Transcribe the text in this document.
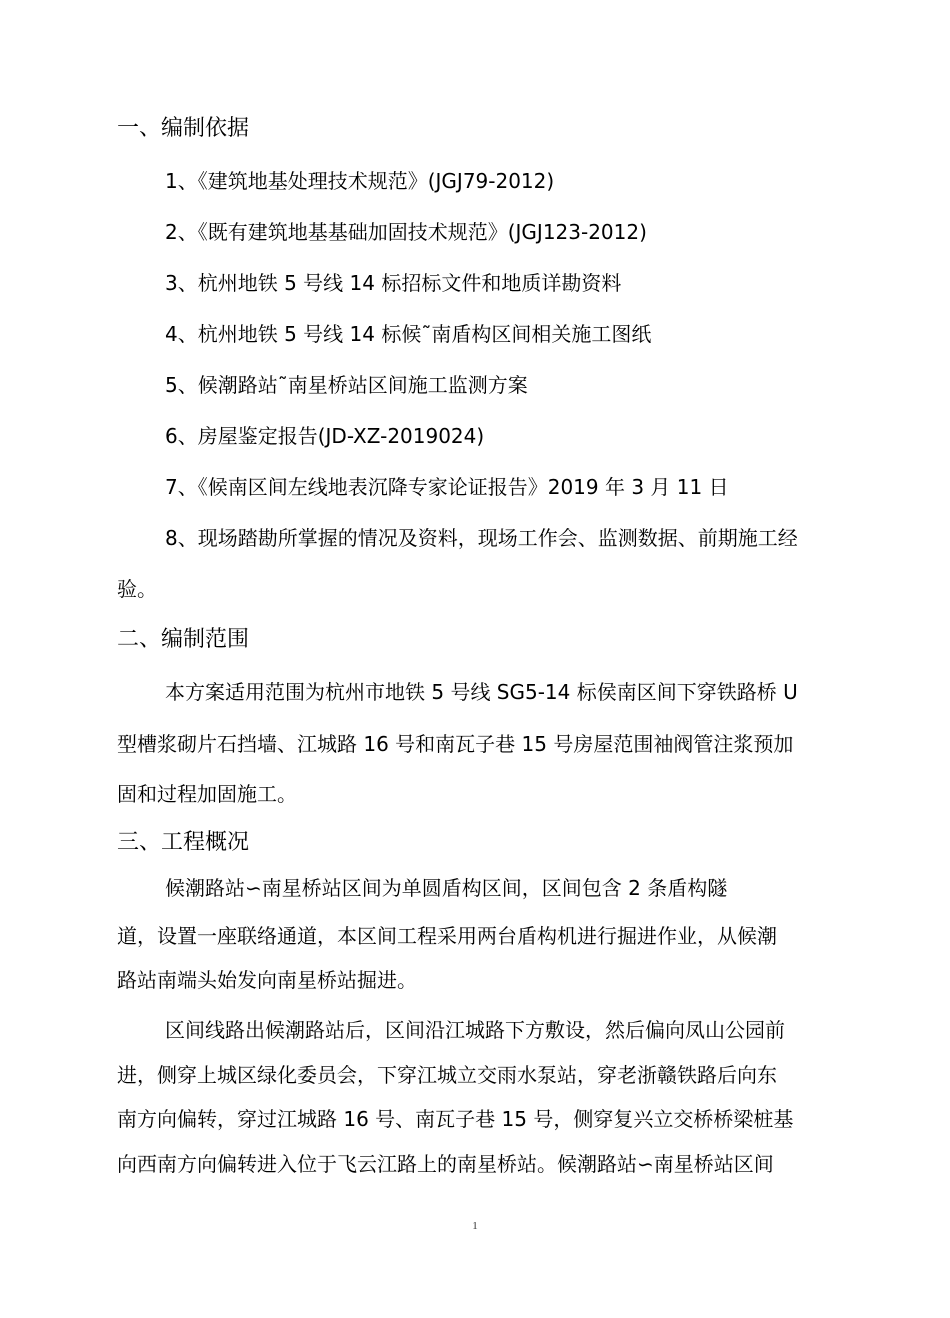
一、编制依据
1、《建筑地基处理技术规范》(JGJ79-2012)
2、《既有建筑地基基础加固技术规范》(JGJ123-2012)
3、杭州地铁 5 号线 14 标招标文件和地质详勘资料
4、杭州地铁 5 号线 14 标候˜南盾构区间相关施工图纸
5、候潮路站˜南星桥站区间施工监测方案
6、房屋鉴定报告(JD-XZ-2019024)
7、《候南区间左线地表沉降专家论证报告》2019 年 3 月 11 日
8、现场踏勘所掌握的情况及资料，现场工作会、监测数据、前期施工经
验。
二、编制范围
本方案适用范围为杭州市地铁 5 号线 SG5-14 标侯南区间下穿铁路桥 U
型槽浆砌片石挡墙、江城路 16 号和南瓦子巷 15 号房屋范围袖阀管注浆预加
固和过程加固施工。
三、工程概况
候潮路站∽南星桥站区间为单圆盾构区间，区间包含 2 条盾构隧
道，设置一座联络通道，本区间工程采用两台盾构机进行掘进作业，从候潮
路站南端头始发向南星桥站掘进。
区间线路出候潮路站后，区间沿江城路下方敷设，然后偏向凤山公园前
进，侧穿上城区绿化委员会，下穿江城立交雨水泵站，穿老浙赣铁路后向东
南方向偏转，穿过江城路 16 号、南瓦子巷 15 号，侧穿复兴立交桥桥梁桩基
向西南方向偏转进入位于飞云江路上的南星桥站。候潮路站∽南星桥站区间
1
